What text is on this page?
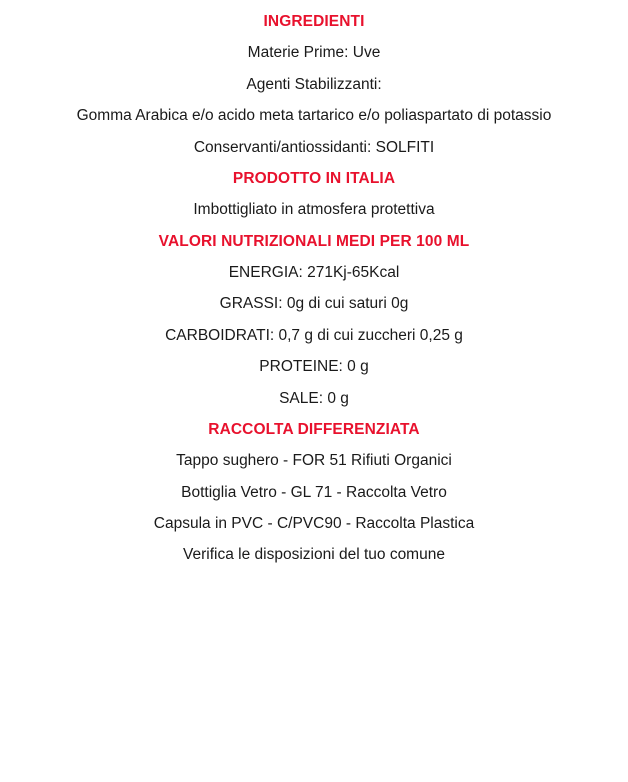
INGREDIENTI
Materie Prime: Uve
Agenti Stabilizzanti:
Gomma Arabica e/o acido meta tartarico e/o poliaspartato di potassio
Conservanti/antiossidanti: SOLFITI
PRODOTTO IN ITALIA
Imbottigliato in atmosfera protettiva
VALORI NUTRIZIONALI MEDI PER 100 ML
ENERGIA: 271Kj-65Kcal
GRASSI: 0g di cui saturi 0g
CARBOIDRATI: 0,7 g di cui zuccheri 0,25 g
PROTEINE: 0 g
SALE: 0 g
RACCOLTA DIFFERENZIATA
Tappo sughero - FOR 51 Rifiuti Organici
Bottiglia Vetro - GL 71 - Raccolta Vetro
Capsula in PVC - C/PVC90 - Raccolta Plastica
Verifica le disposizioni del tuo comune
